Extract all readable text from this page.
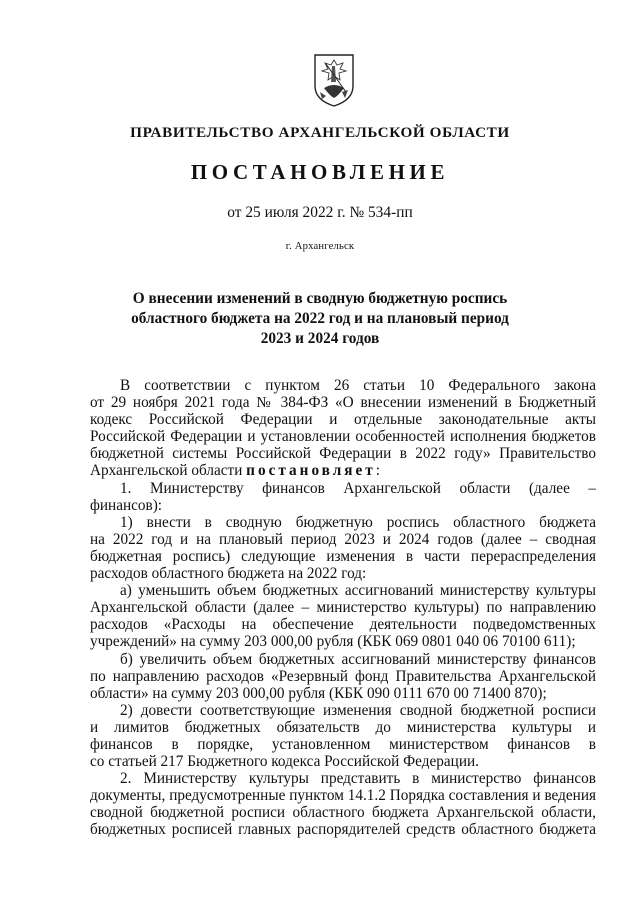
ПРАВИТЕЛЬСТВО АРХАНГЕЛЬСКОЙ ОБЛАСТИ
ПОСТАНОВЛЕНИЕ
от 25 июля 2022 г. № 534-пп
г. Архангельск
О внесении изменений в сводную бюджетную роспись
областного бюджета на 2022 год и на плановый период
2023 и 2024 годов
В соответствии с пунктом 26 статьи 10 Федерального закона
от 29 ноября 2021 года № 384-ФЗ «О внесении изменений в Бюджетный
кодекс Российской Федерации и отдельные законодательные акты
Российской Федерации и установлении особенностей исполнения бюджетов
бюджетной системы Российской Федерации в 2022 году» Правительство
Архангельской области постановляет:
1. Министерству финансов Архангельской области (далее –
финансов):
1) внести в сводную бюджетную роспись областного бюджета
на 2022 год и на плановый период 2023 и 2024 годов (далее – сводная
бюджетная роспись) следующие изменения в части перераспределения
расходов областного бюджета на 2022 год:
а) уменьшить объем бюджетных ассигнований министерству культуры
Архангельской области (далее – министерство культуры) по направлению
расходов «Расходы на обеспечение деятельности подведомственных
учреждений» на сумму 203 000,00 рубля (КБК 069 0801 040 06 70100 611);
б) увеличить объем бюджетных ассигнований министерству финансов
по направлению расходов «Резервный фонд Правительства Архангельской
области» на сумму 203 000,00 рубля (КБК 090 0111 670 00 71400 870);
2) довести соответствующие изменения сводной бюджетной росписи
и лимитов бюджетных обязательств до министерства культуры и
финансов в порядке, установленном министерством финансов в
со статьей 217 Бюджетного кодекса Российской Федерации.
2. Министерству культуры представить в министерство финансов
документы, предусмотренные пунктом 14.1.2 Порядка составления и ведения
сводной бюджетной росписи областного бюджета Архангельской области,
бюджетных росписей главных распорядителей средств областного бюджета
